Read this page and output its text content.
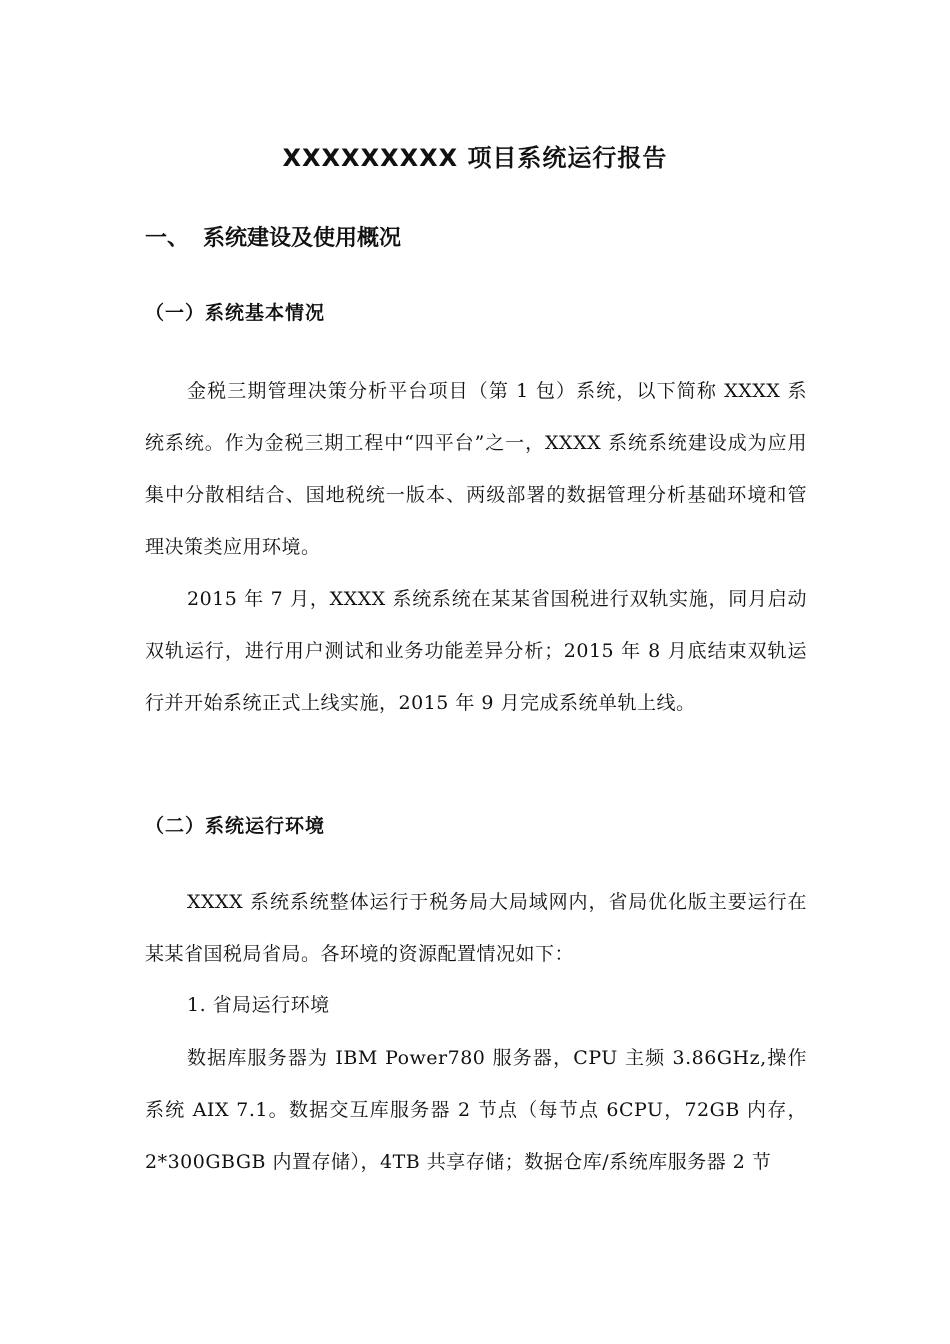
XXXXXXXXX 项目系统运行报告
一、 系统建设及使用概况
（一）系统基本情况

金税三期管理决策分析平台项目（第 1 包）系统，以下简称 XXXX 系统系统。作为金税三期工程中“四平台”之一，XXXX 系统系统建设成为应用集中分散相结合、国地税统一版本、两级部署的数据管理分析基础环境和管理决策类应用环境。

2015 年 7 月，XXXX 系统系统在某某省国税进行双轨实施，同月启动双轨运行，进行用户测试和业务功能差异分析；2015 年 8 月底结束双轨运行并开始系统正式上线实施，2015 年 9 月完成系统单轨上线。

（二）系统运行环境

XXXX 系统系统整体运行于税务局大局域网内，省局优化版主要运行在某某省国税局省局。各环境的资源配置情况如下：

1. 省局运行环境

数据库服务器为 IBM Power780 服务器，CPU 主频 3.86GHz,操作系统 AIX 7.1。数据交互库服务器 2 节点（每节点 6CPU，72GB 内存，2*300GBGB 内置存储），4TB 共享存储；数据仓库/系统库服务器 2 节
